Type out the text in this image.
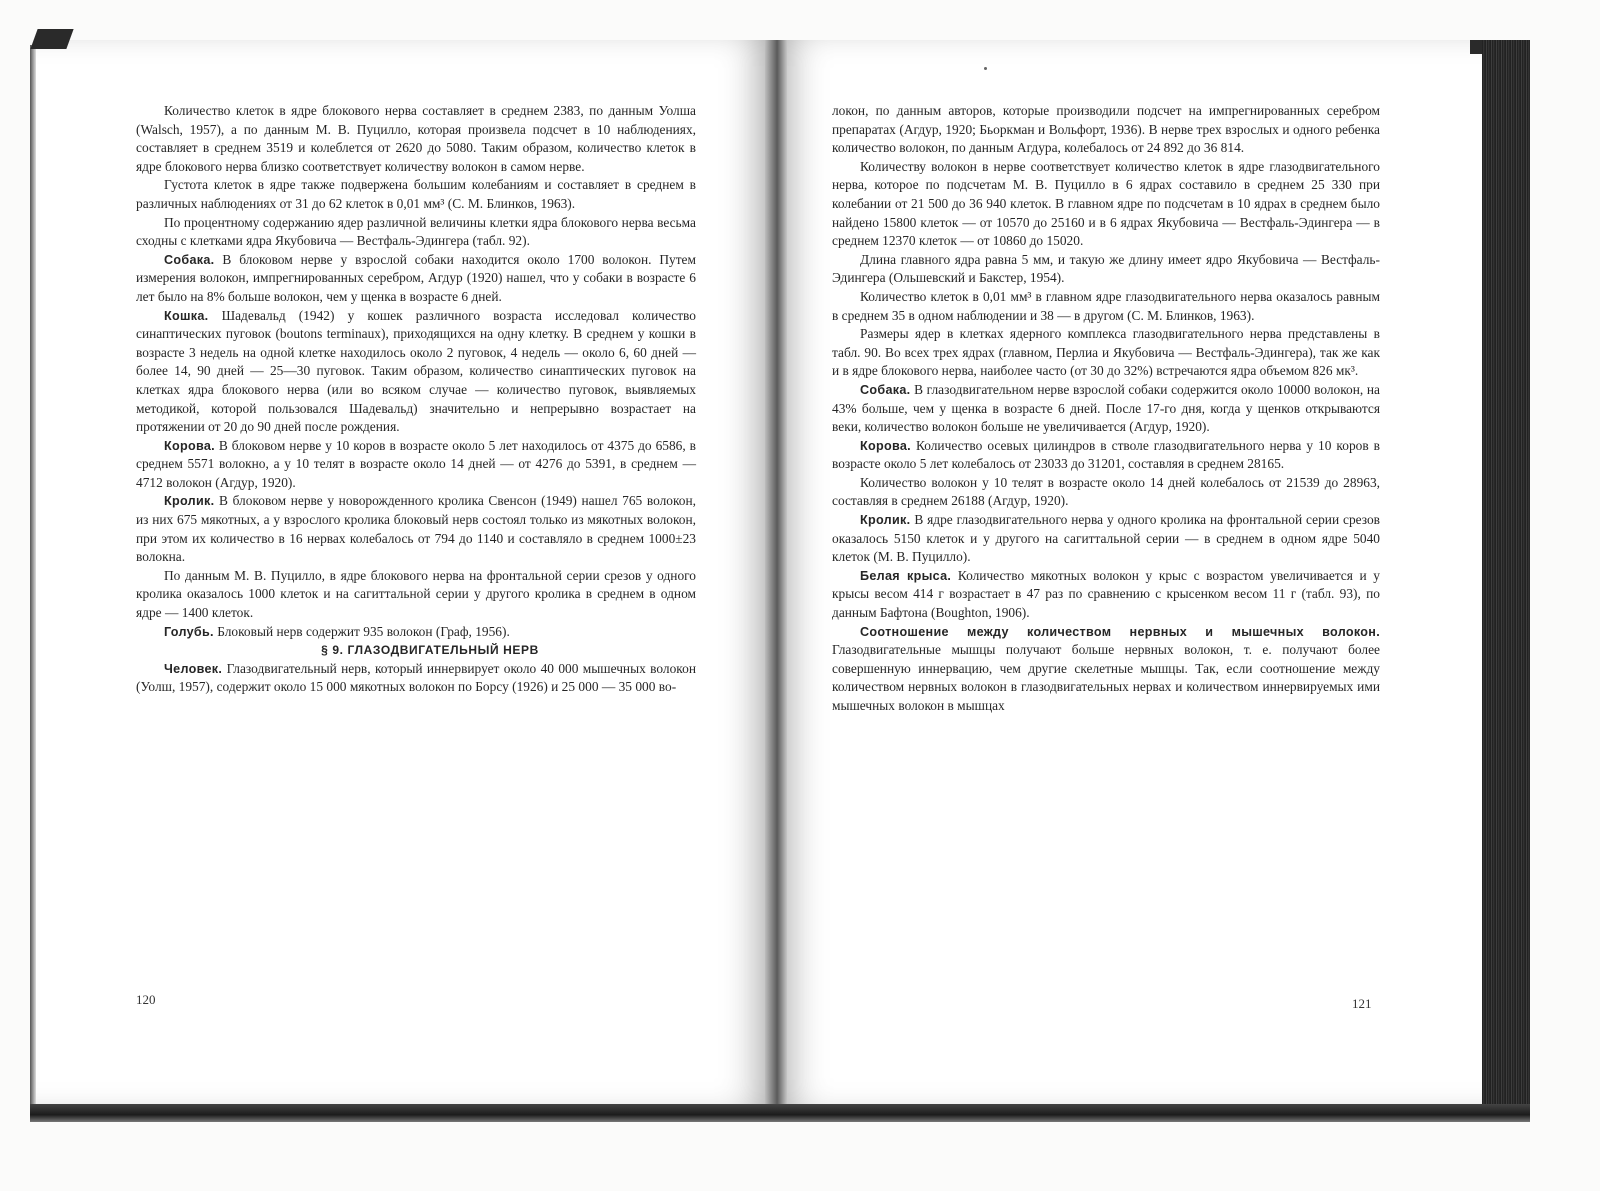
Количество клеток в ядре блокового нерва составляет в среднем 2383, по данным Уолша (Walsch, 1957), а по данным М. В. Пуцилло, которая произвела подсчет в 10 наблюдениях, составляет в среднем 3519 и колеблется от 2620 до 5080. Таким образом, количество клеток в ядре блокового нерва близко соответствует количеству волокон в самом нерве.

Густота клеток в ядре также подвержена большим колебаниям и составляет в среднем в различных наблюдениях от 31 до 62 клеток в 0,01 мм³ (С. М. Блинков, 1963).

По процентному содержанию ядер различной величины клетки ядра блокового нерва весьма сходны с клетками ядра Якубовича — Вестфаль-Эдингера (табл. 92).

Собака. В блоковом нерве у взрослой собаки находится около 1700 волокон. Путем измерения волокон, импрегнированных серебром, Агдур (1920) нашел, что у собаки в возрасте 6 лет было на 8% больше волокон, чем у щенка в возрасте 6 дней.

Кошка. Шадевальд (1942) у кошек различного возраста исследовал количество синаптических пуговок (boutons terminaux), приходящихся на одну клетку. В среднем у кошки в возрасте 3 недель на одной клетке находилось около 2 пуговок, 4 недель — около 6, 60 дней — более 14, 90 дней — 25—30 пуговок. Таким образом, количество синаптических пуговок на клетках ядра блокового нерва (или во всяком случае — количество пуговок, выявляемых методикой, которой пользовался Шадевальд) значительно и непрерывно возрастает на протяжении от 20 до 90 дней после рождения.

Корова. В блоковом нерве у 10 коров в возрасте около 5 лет находилось от 4375 до 6586, в среднем 5571 волокно, а у 10 телят в возрасте около 14 дней — от 4276 до 5391, в среднем — 4712 волокон (Агдур, 1920).

Кролик. В блоковом нерве у новорожденного кролика Свенсон (1949) нашел 765 волокон, из них 675 мякотных, а у взрослого кролика блоковый нерв состоял только из мякотных волокон, при этом их количество в 16 нервах колебалось от 794 до 1140 и составляло в среднем 1000±23 волокна.

По данным М. В. Пуцилло, в ядре блокового нерва на фронтальной серии срезов у одного кролика оказалось 1000 клеток и на сагиттальной серии у другого кролика в среднем в одном ядре — 1400 клеток.

Голубь. Блоковый нерв содержит 935 волокон (Граф, 1956).

§ 9. ГЛАЗОДВИГАТЕЛЬНЫЙ НЕРВ

Человек. Глазодвигательный нерв, который иннервирует около 40 000 мышечных волокон (Уолш, 1957), содержит около 15 000 мякотных волокон по Борсу (1926) и 25 000 — 35 000 во-

120

локон, по данным авторов, которые производили подсчет на импрегнированных серебром препаратах (Агдур, 1920; Бьоркман и Вольфорт, 1936). В нерве трех взрослых и одного ребенка количество волокон, по данным Агдура, колебалось от 24 892 до 36 814.

Количеству волокон в нерве соответствует количество клеток в ядре глазодвигательного нерва, которое по подсчетам М. В. Пуцилло в 6 ядрах составило в среднем 25 330 при колебании от 21 500 до 36 940 клеток. В главном ядре по подсчетам в 10 ядрах в среднем было найдено 15800 клеток — от 10570 до 25160 и в 6 ядрах Якубовича — Вестфаль-Эдингера — в среднем 12370 клеток — от 10860 до 15020.

Длина главного ядра равна 5 мм, и такую же длину имеет ядро Якубовича — Вестфаль-Эдингера (Ольшевский и Бакстер, 1954).

Количество клеток в 0,01 мм³ в главном ядре глазодвигательного нерва оказалось равным в среднем 35 в одном наблюдении и 38 — в другом (С. М. Блинков, 1963).

Размеры ядер в клетках ядерного комплекса глазодвигательного нерва представлены в табл. 90. Во всех трех ядрах (главном, Перлиа и Якубовича — Вестфаль-Эдингера), так же как и в ядре блокового нерва, наиболее часто (от 30 до 32%) встречаются ядра объемом 826 мк³.

Собака. В глазодвигательном нерве взрослой собаки содержится около 10000 волокон, на 43% больше, чем у щенка в возрасте 6 дней. После 17-го дня, когда у щенков открываются веки, количество волокон больше не увеличивается (Агдур, 1920).

Корова. Количество осевых цилиндров в стволе глазодвигательного нерва у 10 коров в возрасте около 5 лет колебалось от 23033 до 31201, составляя в среднем 28165.

Количество волокон у 10 телят в возрасте около 14 дней колебалось от 21539 до 28963, составляя в среднем 26188 (Агдур, 1920).

Кролик. В ядре глазодвигательного нерва у одного кролика на фронтальной серии срезов оказалось 5150 клеток и у другого на сагиттальной серии — в среднем в одном ядре 5040 клеток (М. В. Пуцилло).

Белая крыса. Количество мякотных волокон у крыс с возрастом увеличивается и у крысы весом 414 г возрастает в 47 раз по сравнению с крысенком весом 11 г (табл. 93), по данным Бафтона (Boughton, 1906).

Соотношение между количеством нервных и мышечных волокон. Глазодвигательные мышцы получают больше нервных волокон, т. е. получают более совершенную иннервацию, чем другие скелетные мышцы. Так, если соотношение между количеством нервных волокон в глазодвигательных нервах и количеством иннервируемых ими мышечных волокон в мышцах

121
